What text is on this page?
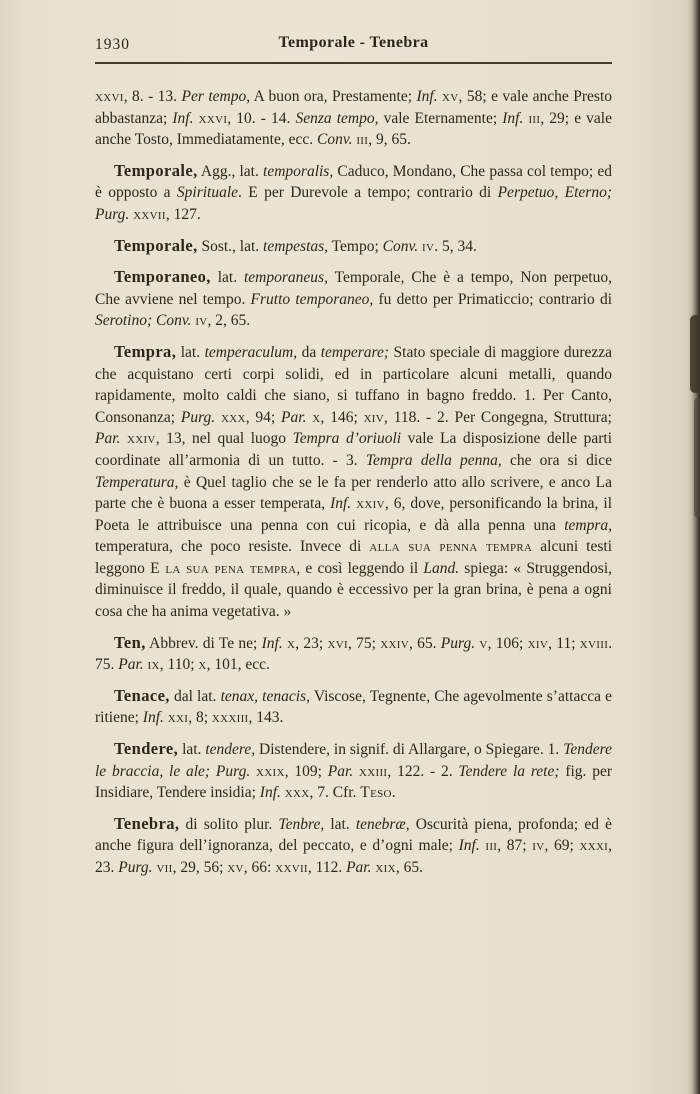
1930	Temporale - Tenebra

xxvi, 8. - 13. Per tempo, A buon ora, Prestamente; Inf. xv, 58; e vale anche Presto abbastanza; Inf. xxvi, 10. - 14. Senza tempo, vale Eternamente; Inf. iii, 29; e vale anche Tosto, Immediatamente, ecc. Conv. iii, 9, 65.

Temporale, Agg., lat. temporalis, Caduco, Mondano, Che passa col tempo; ed è opposto a Spirituale. E per Durevole a tempo; contrario di Perpetuo, Eterno; Purg. xxvii, 127.

Temporale, Sost., lat. tempestas, Tempo; Conv. iv. 5, 34.

Temporaneo, lat. temporaneus, Temporale, Che è a tempo, Non perpetuo, Che avviene nel tempo. Frutto temporaneo, fu detto per Primaticcio; contrario di Serotino; Conv. iv, 2, 65.

Tempra, lat. temperaculum, da temperare; Stato speciale di maggiore durezza che acquistano certi corpi solidi, ed in particolare alcuni metalli, quando rapidamente, molto caldi che siano, si tuffano in bagno freddo. 1. Per Canto, Consonanza; Purg. xxx, 94; Par. x, 146; xiv, 118. - 2. Per Congegna, Struttura; Par. xxiv, 13, nel qual luogo Tempra d’oriuoli vale La disposizione delle parti coordinate all’armonia di un tutto. - 3. Tempra della penna, che ora si dice Temperatura, è Quel taglio che se le fa per renderlo atto allo scrivere, e anco La parte che è buona a esser temperata, Inf. xxiv, 6, dove, personificando la brina, il Poeta le attribuisce una penna con cui ricopia, e dà alla penna una tempra, temperatura, che poco resiste. Invece di alla sua penna tempra alcuni testi leggono E la sua pena tempra, e così leggendo il Land. spiega: « Struggendosi, diminuisce il freddo, il quale, quando è eccessivo per la gran brina, è pena a ogni cosa che ha anima vegetativa. »

Ten, Abbrev. di Te ne; Inf. x, 23; xvi, 75; xxiv, 65. Purg. v, 106; xiv, 11; xviii. 75. Par. ix, 110; x, 101, ecc.

Tenace, dal lat. tenax, tenacis, Viscose, Tegnente, Che agevolmente s’attacca e ritiene; Inf. xxi, 8; xxxiii, 143.

Tendere, lat. tendere, Distendere, in signif. di Allargare, o Spiegare. 1. Tendere le braccia, le ale; Purg. xxix, 109; Par. xxiii, 122. - 2. Tendere la rete; fig. per Insidiare, Tendere insidia; Inf. xxx, 7. Cfr. Teso.

Tenebra, di solito plur. Tenbre, lat. tenebræ, Oscurità piena, profonda; ed è anche figura dell’ignoranza, del peccato, e d’ogni male; Inf. iii, 87; iv, 69; xxxi, 23. Purg. vii, 29, 56; xv, 66: xxvii, 112. Par. xix, 65.
